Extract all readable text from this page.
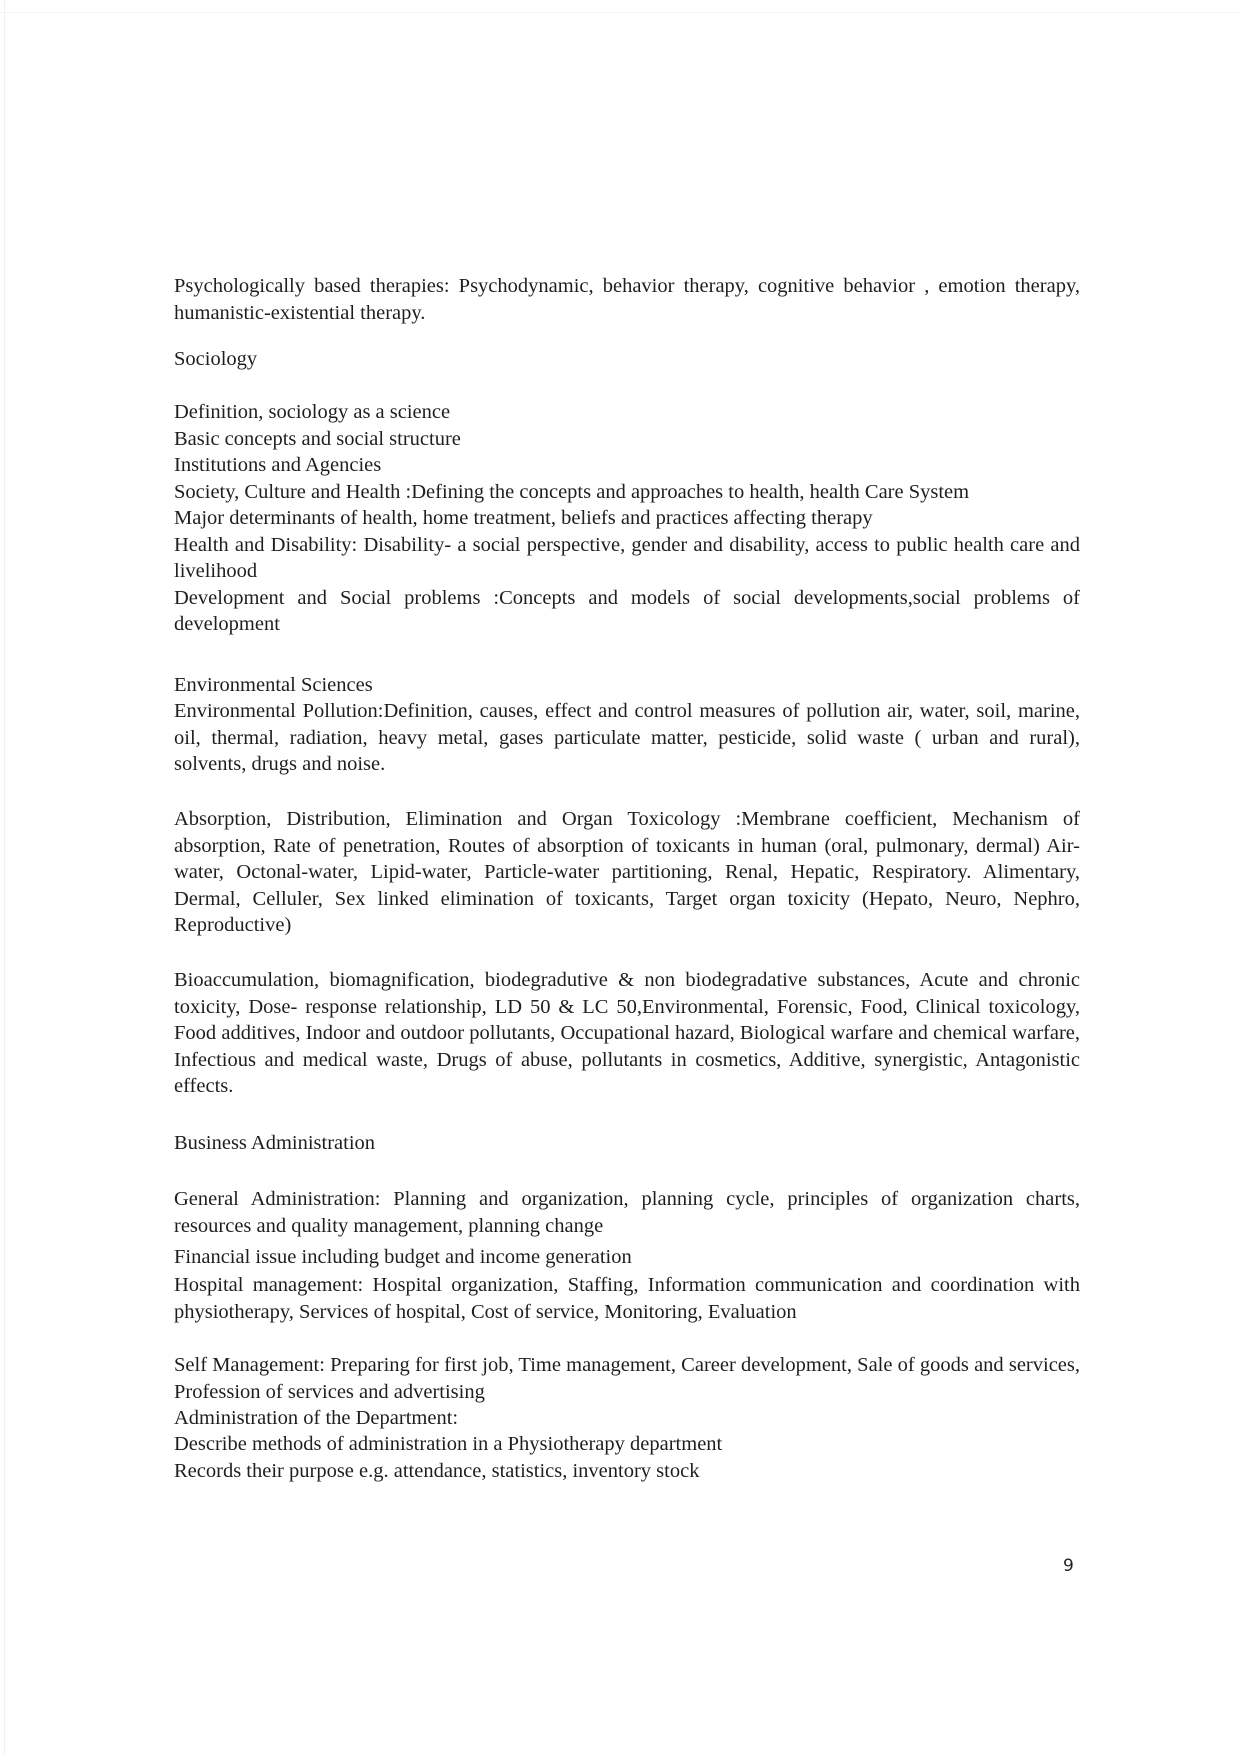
Psychologically based therapies: Psychodynamic, behavior therapy, cognitive behavior , emotion therapy, humanistic-existential therapy.

Sociology

Definition, sociology as a science
Basic concepts and social structure
Institutions and Agencies
Society, Culture and Health :Defining the concepts and approaches to health, health Care System
Major determinants of health, home treatment, beliefs and practices affecting therapy
Health and Disability: Disability- a social perspective, gender and disability, access to public health care and livelihood
Development and Social problems :Concepts and models of social developments,social problems of development

Environmental Sciences

Environmental Pollution:Definition, causes, effect and control measures of pollution air, water, soil, marine, oil, thermal, radiation, heavy metal, gases particulate matter, pesticide, solid waste ( urban and rural), solvents, drugs and noise.

Absorption, Distribution, Elimination and Organ Toxicology :Membrane coefficient, Mechanism of absorption, Rate of penetration, Routes of absorption of toxicants in human (oral, pulmonary, dermal) Air-water, Octonal-water, Lipid-water, Particle-water partitioning, Renal, Hepatic, Respiratory. Alimentary, Dermal, Celluler, Sex linked elimination of toxicants, Target organ toxicity (Hepato, Neuro, Nephro, Reproductive)

Bioaccumulation, biomagnification, biodegradutive & non biodegradative substances, Acute and chronic toxicity, Dose- response relationship, LD 50 & LC 50,Environmental, Forensic, Food, Clinical toxicology, Food additives, Indoor and outdoor pollutants, Occupational hazard, Biological warfare and chemical warfare, Infectious and medical waste, Drugs of abuse, pollutants in cosmetics, Additive, synergistic, Antagonistic effects.

Business Administration

General Administration: Planning and organization, planning cycle, principles of organization charts, resources and quality management, planning change

Financial issue including budget and income generation

Hospital management: Hospital organization, Staffing, Information communication and coordination with physiotherapy, Services of hospital, Cost of service, Monitoring, Evaluation

Self Management: Preparing for first job, Time management, Career development, Sale of goods and services, Profession of services and advertising

Administration of the Department:

Describe methods of administration in a Physiotherapy department

Records their purpose e.g. attendance, statistics, inventory stock

9
